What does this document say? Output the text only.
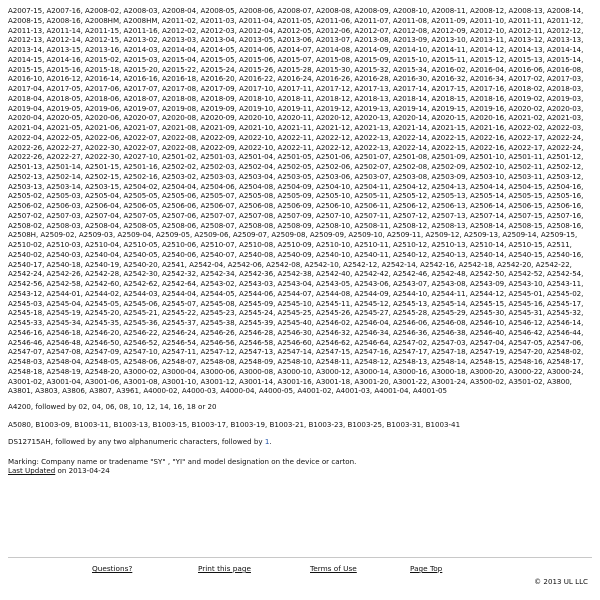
A2007-15, A2007-16, A2008-02, A2008-03, A2008-04, A2008-05, A2008-06, A2008-07, A2008-08, A2008-09, A2008-10, A2008-11, A2008-12, A2008-13, A2008-14, A2008-15, A2008-16, A2008HM, A2008HM, A2011-02, A2011-03, A2011-04, A2011-05, A2011-06, A2011-07, A2011-08, A2011-09, A2011-10, A2011-11, A2011-12, A2011-13, A2011-14, A2011-15, A2011-16, A2012-02, A2012-03, A2012-04, A2012-05, A2012-06, A2012-07, A2012-08, A2012-09, A2012-10, A2012-11, A2012-12, A2012-13, A2012-14, A2012-15, A2013-02, A2013-03, A2013-04, A2013-05, A2013-06, A2013-07, A2013-08, A2013-09, A2013-10, A2013-11, A2013-12, A2013-13, A2013-14, A2013-15, A2013-16, A2014-03, A2014-04, A2014-05, A2014-06, A2014-07, A2014-08, A2014-09, A2014-10, A2014-11, A2014-12, A2014-13, A2014-14, A2014-15, A2014-16, A2015-02, A2015-03, A2015-04, A2015-05, A2015-06, A2015-07, A2015-08, A2015-09, A2015-10, A2015-11, A2015-12, A2015-13, A2015-14, A2015-15, A2015-16, A2015-18, A2015-20, A2015-22, A2015-24, A2015-26, A2015-28, A2015-30, A2015-32, A2015-34, A2016-02, A2016-04, A2016-06, A2016-08, A2016-10, A2016-12, A2016-14, A2016-16, A2016-18, A2016-20, A2016-22, A2016-24, A2016-26, A2016-28, A2016-30, A2016-32, A2016-34, A2017-02, A2017-03, A2017-04, A2017-05, A2017-06, A2017-07, A2017-08, A2017-09, A2017-10, A2017-11, A2017-12, A2017-13, A2017-14, A2017-15, A2017-16, A2018-02, A2018-03, A2018-04, A2018-05, A2018-06, A2018-07, A2018-08, A2018-09, A2018-10, A2018-11, A2018-12, A2018-13, A2018-14, A2018-15, A2018-16, A2019-02, A2019-03, A2019-04, A2019-05, A2019-06, A2019-07, A2019-08, A2019-09, A2019-10, A2019-11, A2019-12, A2019-13, A2019-14, A2019-15, A2019-16, A2020-02, A2020-03, A2020-04, A2020-05, A2020-06, A2020-07, A2020-08, A2020-09, A2020-10, A2020-11, A2020-12, A2020-13, A2020-14, A2020-15, A2020-16, A2021-02, A2021-03, A2021-04, A2021-05, A2021-06, A2021-07, A2021-08, A2021-09, A2021-10, A2021-11, A2021-12, A2021-13, A2021-14, A2021-15, A2021-16, A2022-02, A2022-03, A2022-04, A2022-05, A2022-06, A2022-07, A2022-08, A2022-09, A2022-10, A2022-11, A2022-12, A2022-13, A2022-14, A2022-15, A2022-16, A2022-17, A2022-24, A2022-26, A2022-27, A2022-30, A2022-07, A2022-08, A2022-09, A2022-10, A2022-11, A2022-12, A2022-13, A2022-14, A2022-15, A2022-16, A2022-17, A2022-24, A2022-26, A2022-27, A2022-30, A2027-10, A2501-02, A2501-03, A2501-04, A2501-05, A2501-06, A2501-07, A2501-08, A2501-09, A2501-10, A2501-11, A2501-12, A2501-13, A2501-14, A2501-15, A2501-16, A2502-02, A2502-03, A2502-04, A2502-05, A2502-06, A2502-07, A2502-08, A2502-09, A2502-10, A2502-11, A2502-12, A2502-13, A2502-14, A2502-15, A2502-16, A2503-02, A2503-03, A2503-04, A2503-05, A2503-06, A2503-07, A2503-08, A2503-09, A2503-10, A2503-11, A2503-12, A2503-13, A2503-14, A2503-15, A2504-02, A2504-04, A2504-06, A2504-08, A2504-09, A2504-10, A2504-11, A2504-12, A2504-13, A2504-14, A2504-15, A2504-16, A2505-02, A2505-03, A2505-04, A2505-05, A2505-06, A2505-07, A2505-08, A2505-09, A2505-10, A2505-11, A2505-12, A2505-13, A2505-14, A2505-15, A2505-16, A2506-02, A2506-03, A2506-04, A2506-05, A2506-06, A2506-07, A2506-08, A2506-09, A2506-10, A2506-11, A2506-12, A2506-13, A2506-14, A2506-15, A2506-16, A2507-02, A2507-03, A2507-04, A2507-05, A2507-06, A2507-07, A2507-08, A2507-09, A2507-10, A2507-11, A2507-12, A2507-13, A2507-14, A2507-15, A2507-16, A2508-02, A2508-03, A2508-04, A2508-05, A2508-06, A2508-07, A2508-08, A2508-09, A2508-10, A2508-11, A2508-12, A2508-13, A2508-14, A2508-15, A2508-16, A2508H, A2509-02, A2509-03, A2509-04, A2509-05, A2509-06, A2509-07, A2509-08, A2509-09, A2509-10, A2509-11, A2509-12, A2509-13, A2509-14, A2509-15, A2510-02, A2510-03, A2510-04, A2510-05, A2510-06, A2510-07, A2510-08, A2510-09, A2510-10, A2510-11, A2510-12, A2510-13, A2510-14, A2510-15, A2511, A2540-02, A2540-03, A2540-04, A2540-05, A2540-06, A2540-07, A2540-08, A2540-09, A2540-10, A2540-11, A2540-12, A2540-13, A2540-14, A2540-15, A2540-16, A2540-17, A2540-18, A2540-19, A2540-20, A2541, A2542-04, A2542-06, A2542-08, A2542-10, A2542-12, A2542-14, A2542-16, A2542-18, A2542-20, A2542-22, A2542-24, A2542-26, A2542-28, A2542-30, A2542-32, A2542-34, A2542-36, A2542-38, A2542-40, A2542-42, A2542-46, A2542-48, A2542-50, A2542-52, A2542-54, A2542-56, A2542-58, A2542-60, A2542-62, A2542-64, A2543-02, A2543-03, A2543-04, A2543-05, A2543-06, A2543-07, A2543-08, A2543-09, A2543-10, A2543-11, A2543-12, A2544-01, A2544-02, A2544-03, A2544-04, A2544-05, A2544-06, A2544-07, A2544-08, A2544-09, A2544-10, A2544-11, A2544-12, A2545-01, A2545-02, A2545-03, A2545-04, A2545-05, A2545-06, A2545-07, A2545-08, A2545-09, A2545-10, A2545-11, A2545-12, A2545-13, A2545-14, A2545-15, A2545-16, A2545-17, A2545-18, A2545-19, A2545-20, A2545-21, A2545-22, A2545-23, A2545-24, A2545-25, A2545-26, A2545-27, A2545-28, A2545-29, A2545-30, A2545-31, A2545-32, A2545-33, A2545-34, A2545-35, A2545-36, A2545-37, A2545-38, A2545-39, A2545-40, A2546-02, A2546-04, A2546-06, A2546-08, A2546-10, A2546-12, A2546-14, A2546-16, A2546-18, A2546-20, A2546-22, A2546-24, A2546-26, A2546-28, A2546-30, A2546-32, A2546-34, A2546-36, A2546-38, A2546-40, A2546-42, A2546-44, A2546-46, A2546-48, A2546-50, A2546-52, A2546-54, A2546-56, A2546-58, A2546-60, A2546-62, A2546-64, A2547-02, A2547-03, A2547-04, A2547-05, A2547-06, A2547-07, A2547-08, A2547-09, A2547-10, A2547-11, A2547-12, A2547-13, A2547-14, A2547-15, A2547-16, A2547-17, A2547-18, A2547-19, A2547-20, A2548-02, A2548-03, A2548-04, A2548-05, A2548-06, A2548-07, A2548-08, A2548-09, A2548-10, A2548-11, A2548-12, A2548-13, A2548-14, A2548-15, A2548-16, A2548-17, A2548-18, A2548-19, A2548-20, A3000-02, A3000-04, A3000-06, A3000-08, A3000-10, A3000-12, A3000-14, A3000-16, A3000-18, A3000-20, A3000-22, A3000-24, A3001-02, A3001-04, A3001-06, A3001-08, A3001-10, A3001-12, A3001-14, A3001-16, A3001-18, A3001-20, A3001-22, A3001-24, A3500-02, A3501-02, A3800, A3801, A3803, A3806, A3807, A3961, A4000-02, A4000-03, A4000-04, A4000-05, A4001-02, A4001-03, A4001-04, A4001-05

A4200, followed by 02, 04, 06, 08, 10, 12, 14, 16, 18 or 20

A5080, B1003-09, B1003-11, B1003-13, B1003-15, B1003-17, B1003-19, B1003-21, B1003-23, B1003-25, B1003-31, B1003-41

DS12715AH, followed by any two alphanumeric characters, followed by 1.

Marking: Company name or tradename "SY" , "YI" and model designation on the device or carton.

Last Updated on 2013-04-24

Questions?	Print this page	Terms of Use	Page Top
© 2013 UL LLC
